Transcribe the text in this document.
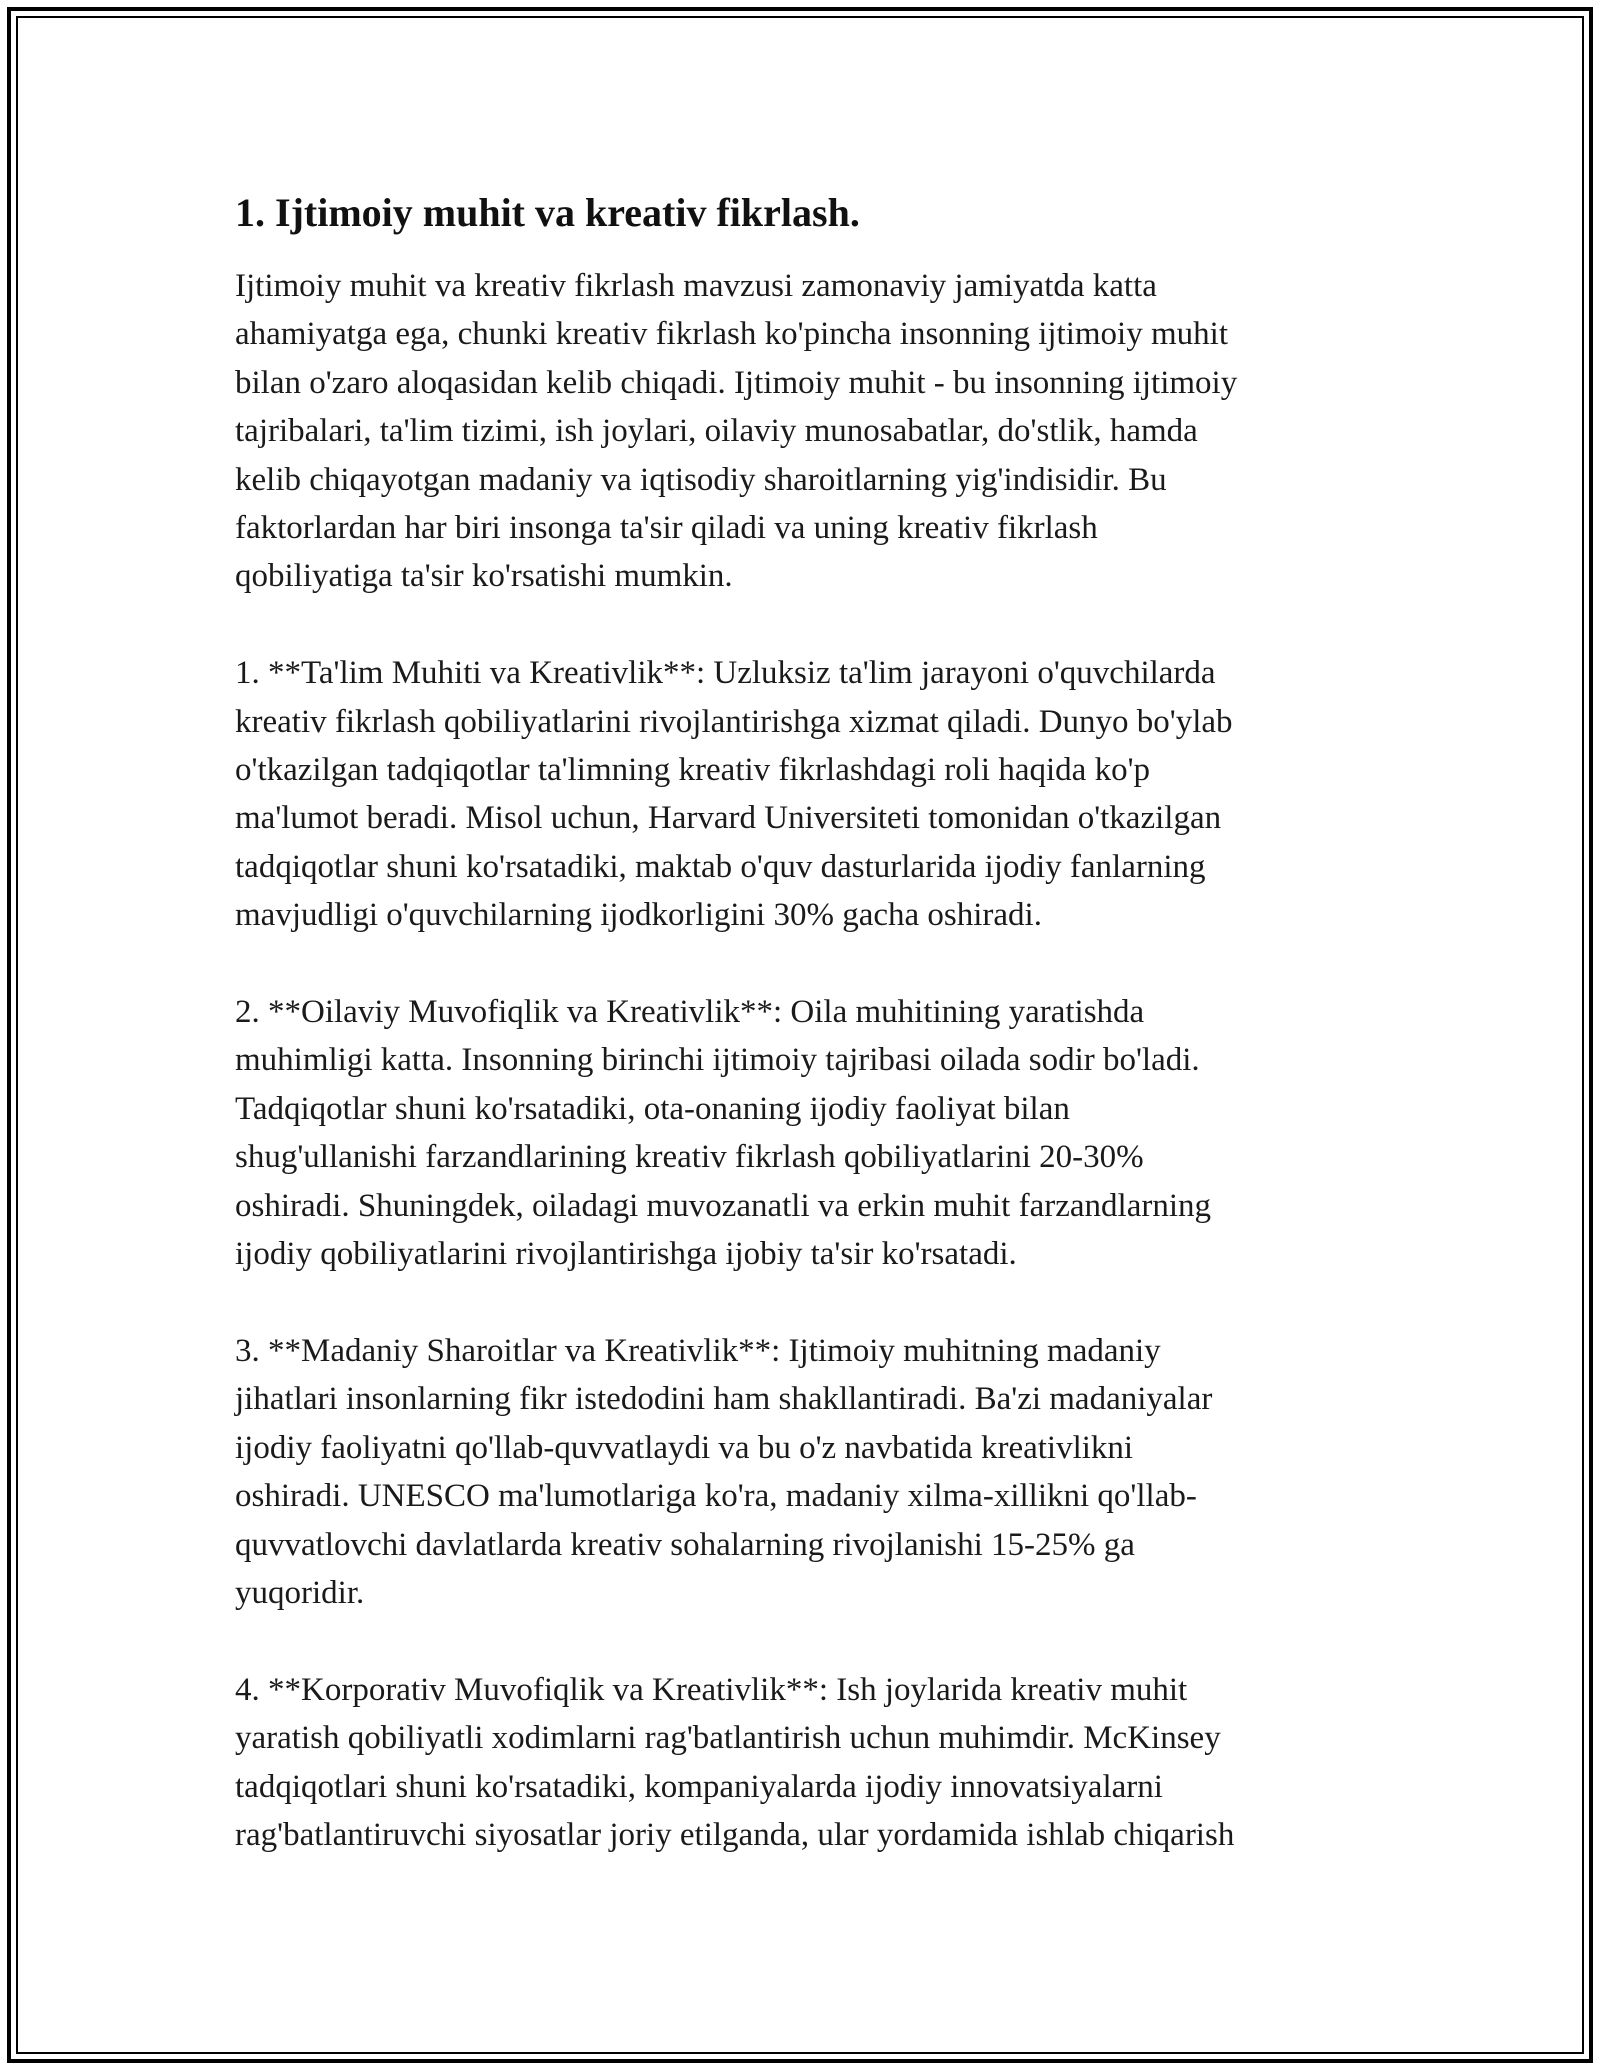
1. Ijtimoiy muhit va kreativ fikrlash.

Ijtimoiy muhit va kreativ fikrlash mavzusi zamonaviy jamiyatda katta
ahamiyatga ega, chunki kreativ fikrlash ko'pincha insonning ijtimoiy muhit
bilan o'zaro aloqasidan kelib chiqadi. Ijtimoiy muhit - bu insonning ijtimoiy
tajribalari, ta'lim tizimi, ish joylari, oilaviy munosabatlar, do'stlik, hamda
kelib chiqayotgan madaniy va iqtisodiy sharoitlarning yig'indisidir. Bu
faktorlardan har biri insonga ta'sir qiladi va uning kreativ fikrlash
qobiliyatiga ta'sir ko'rsatishi mumkin.

1. **Ta'lim Muhiti va Kreativlik**: Uzluksiz ta'lim jarayoni o'quvchilarda
kreativ fikrlash qobiliyatlarini rivojlantirishga xizmat qiladi. Dunyo bo'ylab
o'tkazilgan tadqiqotlar ta'limning kreativ fikrlashdagi roli haqida ko'p
ma'lumot beradi. Misol uchun, Harvard Universiteti tomonidan o'tkazilgan
tadqiqotlar shuni ko'rsatadiki, maktab o'quv dasturlarida ijodiy fanlarning
mavjudligi o'quvchilarning ijodkorligini 30% gacha oshiradi.

2. **Oilaviy Muvofiqlik va Kreativlik**: Oila muhitining yaratishda
muhimligi katta. Insonning birinchi ijtimoiy tajribasi oilada sodir bo'ladi.
Tadqiqotlar shuni ko'rsatadiki, ota-onaning ijodiy faoliyat bilan
shug'ullanishi farzandlarining kreativ fikrlash qobiliyatlarini 20-30%
oshiradi. Shuningdek, oiladagi muvozanatli va erkin muhit farzandlarning
ijodiy qobiliyatlarini rivojlantirishga ijobiy ta'sir ko'rsatadi.

3. **Madaniy Sharoitlar va Kreativlik**: Ijtimoiy muhitning madaniy
jihatlari insonlarning fikr istedodini ham shakllantiradi. Ba'zi madaniyalar
ijodiy faoliyatni qo'llab-quvvatlaydi va bu o'z navbatida kreativlikni
oshiradi. UNESCO ma'lumotlariga ko'ra, madaniy xilma-xillikni qo'llab-
quvvatlovchi davlatlarda kreativ sohalarning rivojlanishi 15-25% ga
yuqoridir.

4. **Korporativ Muvofiqlik va Kreativlik**: Ish joylarida kreativ muhit
yaratish qobiliyatli xodimlarni rag'batlantirish uchun muhimdir. McKinsey
tadqiqotlari shuni ko'rsatadiki, kompaniyalarda ijodiy innovatsiyalarni
rag'batlantiruvchi siyosatlar joriy etilganda, ular yordamida ishlab chiqarish
